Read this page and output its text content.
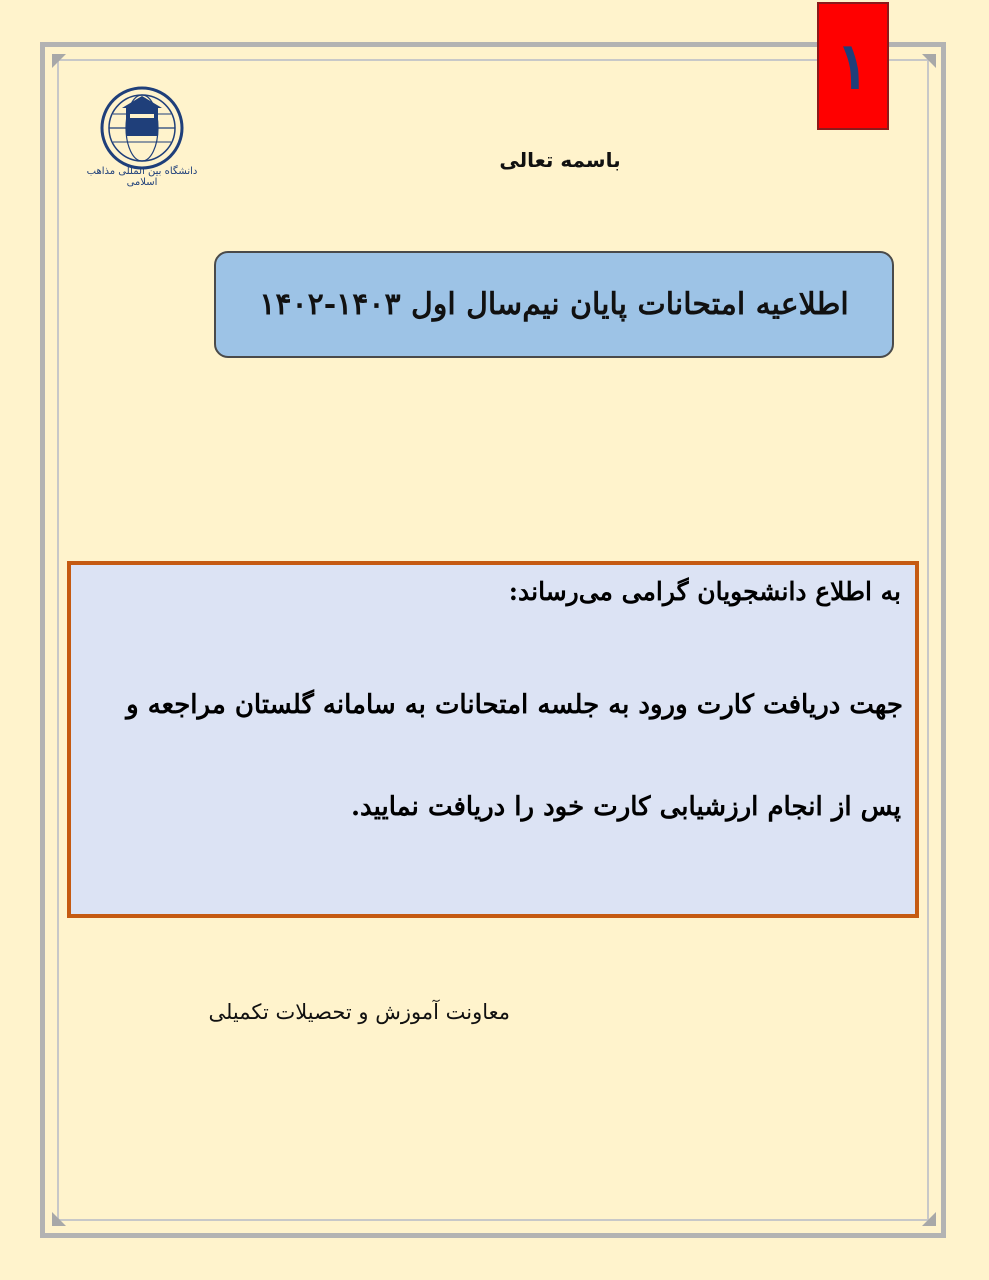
۱
دانشگاه بین المللی مذاهب اسلامی
باسمه تعالی
اطلاعیه امتحانات پایان نیم‌سال اول ۱۴۰۳-۱۴۰۲
به اطلاع دانشجویان گرامی می‌رساند:
جهت دریافت کارت ورود به جلسه امتحانات به سامانه گلستان مراجعه و
پس از انجام ارزشیابی کارت خود را دریافت نمایید.
معاونت آموزش و تحصیلات تکمیلی
